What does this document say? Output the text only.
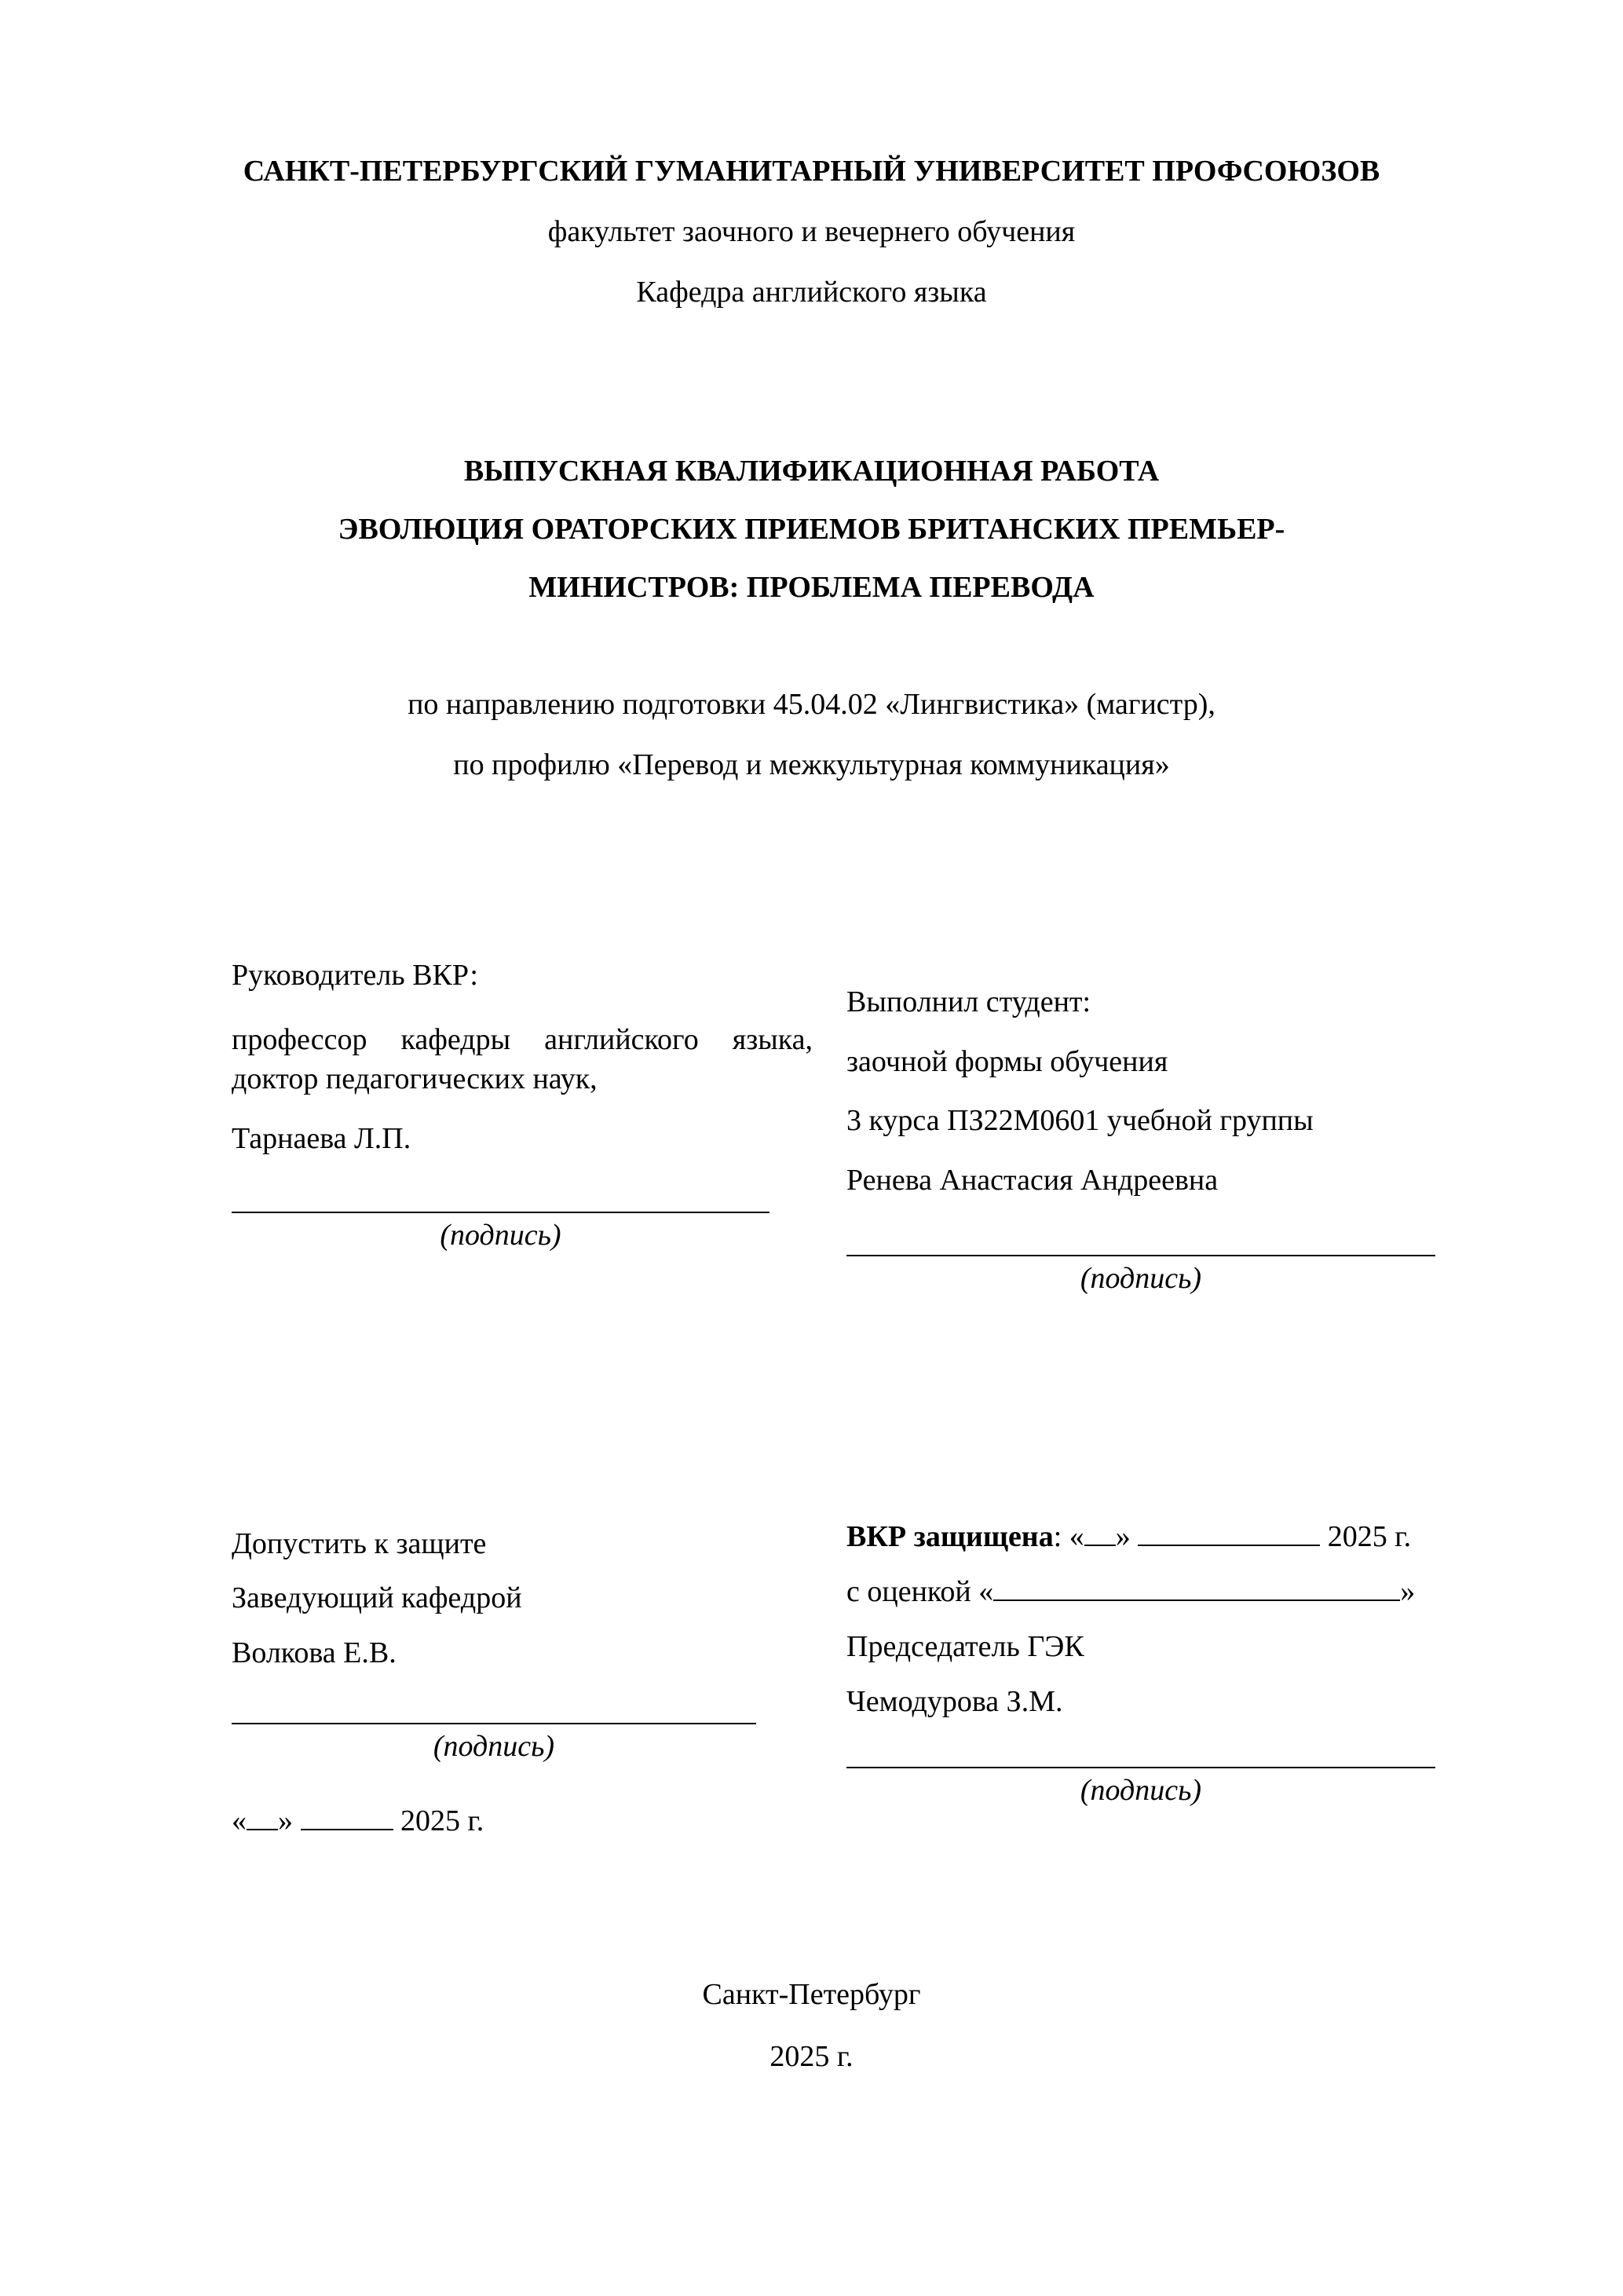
САНКТ-ПЕТЕРБУРГСКИЙ ГУМАНИТАРНЫЙ УНИВЕРСИТЕТ ПРОФСОЮЗОВ
факультет заочного и вечернего обучения
Кафедра английского языка
ВЫПУСКНАЯ КВАЛИФИКАЦИОННАЯ РАБОТА
ЭВОЛЮЦИЯ ОРАТОРСКИХ ПРИЕМОВ БРИТАНСКИХ ПРЕМЬЕР-
МИНИСТРОВ: ПРОБЛЕМА ПЕРЕВОДА
по направлению подготовки 45.04.02 «Лингвистика» (магистр),
по профилю «Перевод и межкультурная коммуникация»
Руководитель ВКР:
профессор кафедры английского языка,
доктор педагогических наук,
Тарнаева Л.П.
(подпись)
Выполнил студент:
заочной формы обучения
3 курса ПЗ22М0601 учебной группы
Ренева Анастасия Андреевна
(подпись)
Допустить к защите
Заведующий кафедрой
Волкова Е.В.
(подпись)
« »	2025 г.
ВКР защищена: « »	2025 г.
с оценкой «	»
Председатель ГЭК
Чемодурова З.М.
(подпись)
Санкт-Петербург
2025 г.
